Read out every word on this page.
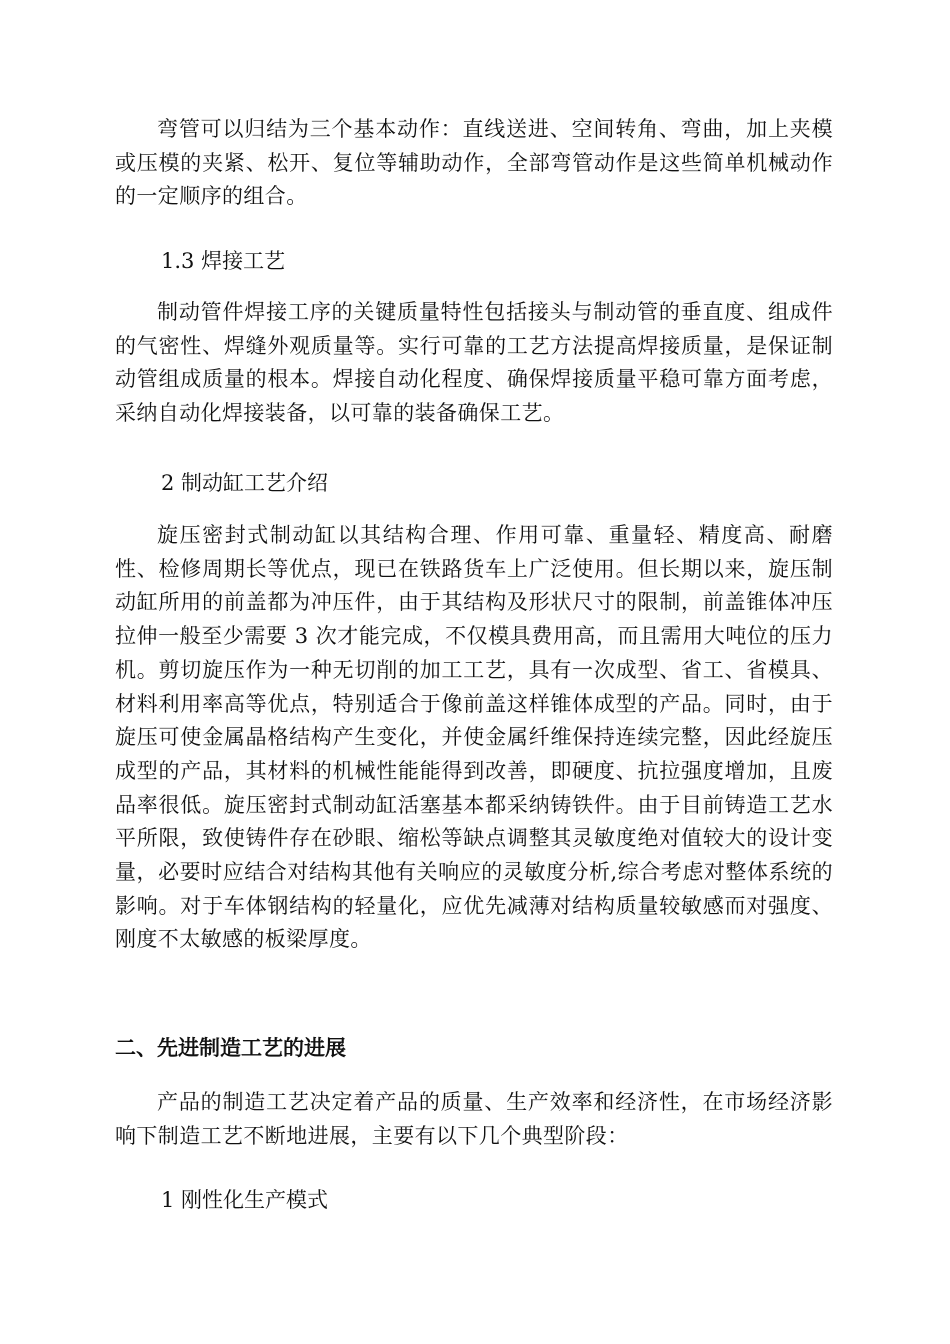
弯管可以归结为三个基本动作：直线送进、空间转角、弯曲，加上夹模或压模的夹紧、松开、复位等辅助动作，全部弯管动作是这些简单机械动作的一定顺序的组合。

1.3 焊接工艺

制动管件焊接工序的关键质量特性包括接头与制动管的垂直度、组成件的气密性、焊缝外观质量等。实行可靠的工艺方法提高焊接质量，是保证制动管组成质量的根本。焊接自动化程度、确保焊接质量平稳可靠方面考虑，采纳自动化焊接装备，以可靠的装备确保工艺。

2 制动缸工艺介绍

旋压密封式制动缸以其结构合理、作用可靠、重量轻、精度高、耐磨性、检修周期长等优点，现已在铁路货车上广泛使用。但长期以来，旋压制动缸所用的前盖都为冲压件，由于其结构及形状尺寸的限制，前盖锥体冲压拉伸一般至少需要 3 次才能完成，不仅模具费用高，而且需用大吨位的压力机。剪切旋压作为一种无切削的加工工艺，具有一次成型、省工、省模具、材料利用率高等优点，特别适合于像前盖这样锥体成型的产品。同时，由于旋压可使金属晶格结构产生变化，并使金属纤维保持连续完整，因此经旋压成型的产品，其材料的机械性能能得到改善，即硬度、抗拉强度增加，且废品率很低。旋压密封式制动缸活塞基本都采纳铸铁件。由于目前铸造工艺水平所限，致使铸件存在砂眼、缩松等缺点调整其灵敏度绝对值较大的设计变量，必要时应结合对结构其他有关响应的灵敏度分析,综合考虑对整体系统的影响。对于车体钢结构的轻量化，应优先减薄对结构质量较敏感而对强度、刚度不太敏感的板梁厚度。

二、先进制造工艺的进展

产品的制造工艺决定着产品的质量、生产效率和经济性，在市场经济影响下制造工艺不断地进展，主要有以下几个典型阶段：

1 刚性化生产模式
